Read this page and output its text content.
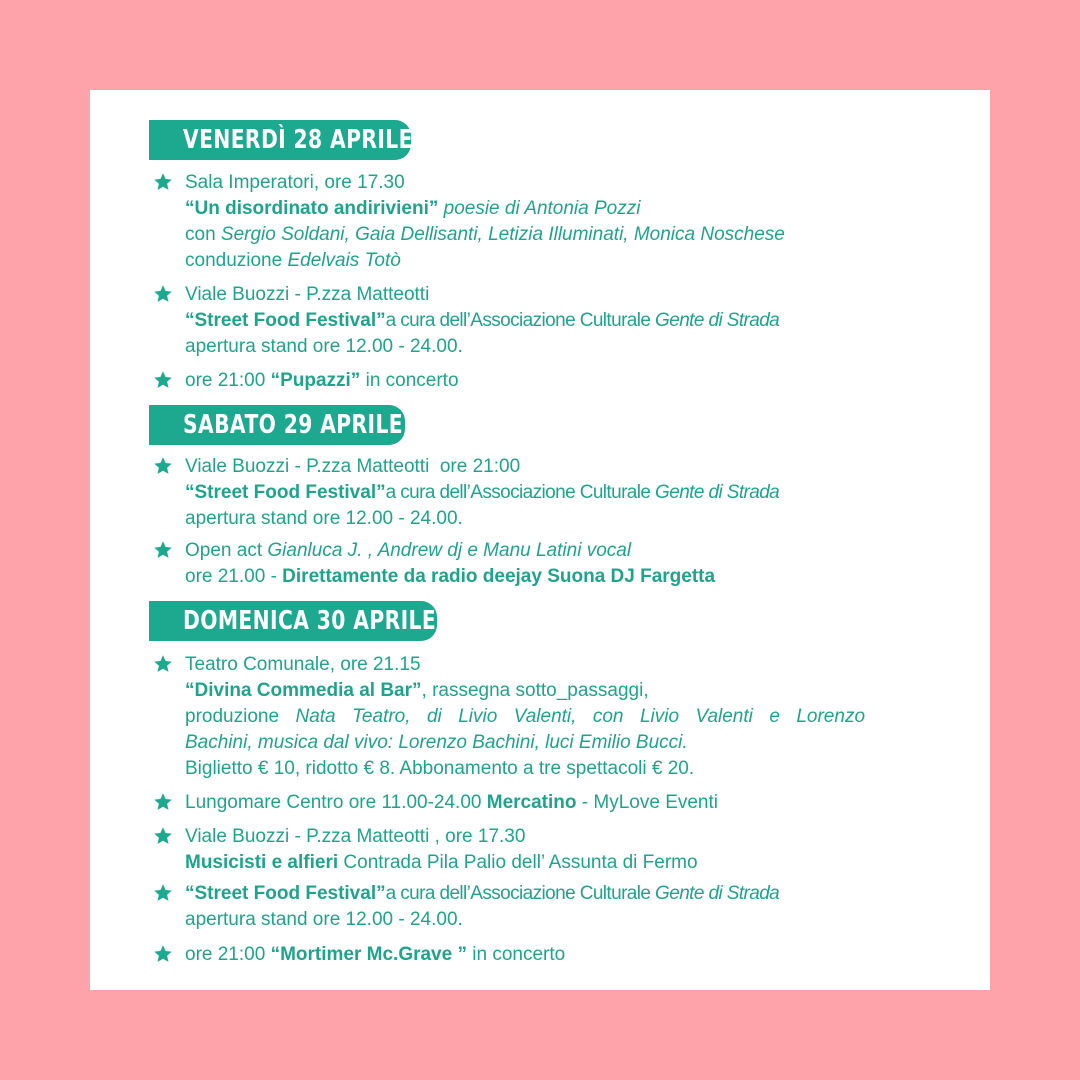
VENERDÌ 28 APRILE
Sala Imperatori, ore 17.30
“Un disordinato andirivieni” poesie di Antonia Pozzi
con Sergio Soldani, Gaia Dellisanti, Letizia Illuminati, Monica Noschese
conduzione Edelvais Totò
Viale Buozzi - P.zza Matteotti
“Street Food Festival”a cura dell’Associazione Culturale Gente di Strada
apertura stand ore 12.00 - 24.00.
ore 21:00 “Pupazzi” in concerto
SABATO 29 APRILE
Viale Buozzi - P.zza Matteotti  ore 21:00
“Street Food Festival”a cura dell’Associazione Culturale Gente di Strada
apertura stand ore 12.00 - 24.00.
Open act Gianluca J. , Andrew dj e Manu Latini vocal
ore 21.00 - Direttamente da radio deejay Suona DJ Fargetta
DOMENICA 30 APRILE
Teatro Comunale, ore 21.15
“Divina Commedia al Bar”, rassegna sotto_passaggi,
produzione Nata Teatro, di Livio Valenti, con Livio Valenti e Lorenzo
Bachini, musica dal vivo: Lorenzo Bachini, luci Emilio Bucci.
Biglietto € 10, ridotto € 8. Abbonamento a tre spettacoli € 20.
Lungomare Centro ore 11.00-24.00 Mercatino - MyLove Eventi
Viale Buozzi - P.zza Matteotti , ore 17.30
Musicisti e alfieri Contrada Pila Palio dell’ Assunta di Fermo
“Street Food Festival”a cura dell’Associazione Culturale Gente di Strada
apertura stand ore 12.00 - 24.00.
ore 21:00 “Mortimer Mc.Grave ” in concerto
